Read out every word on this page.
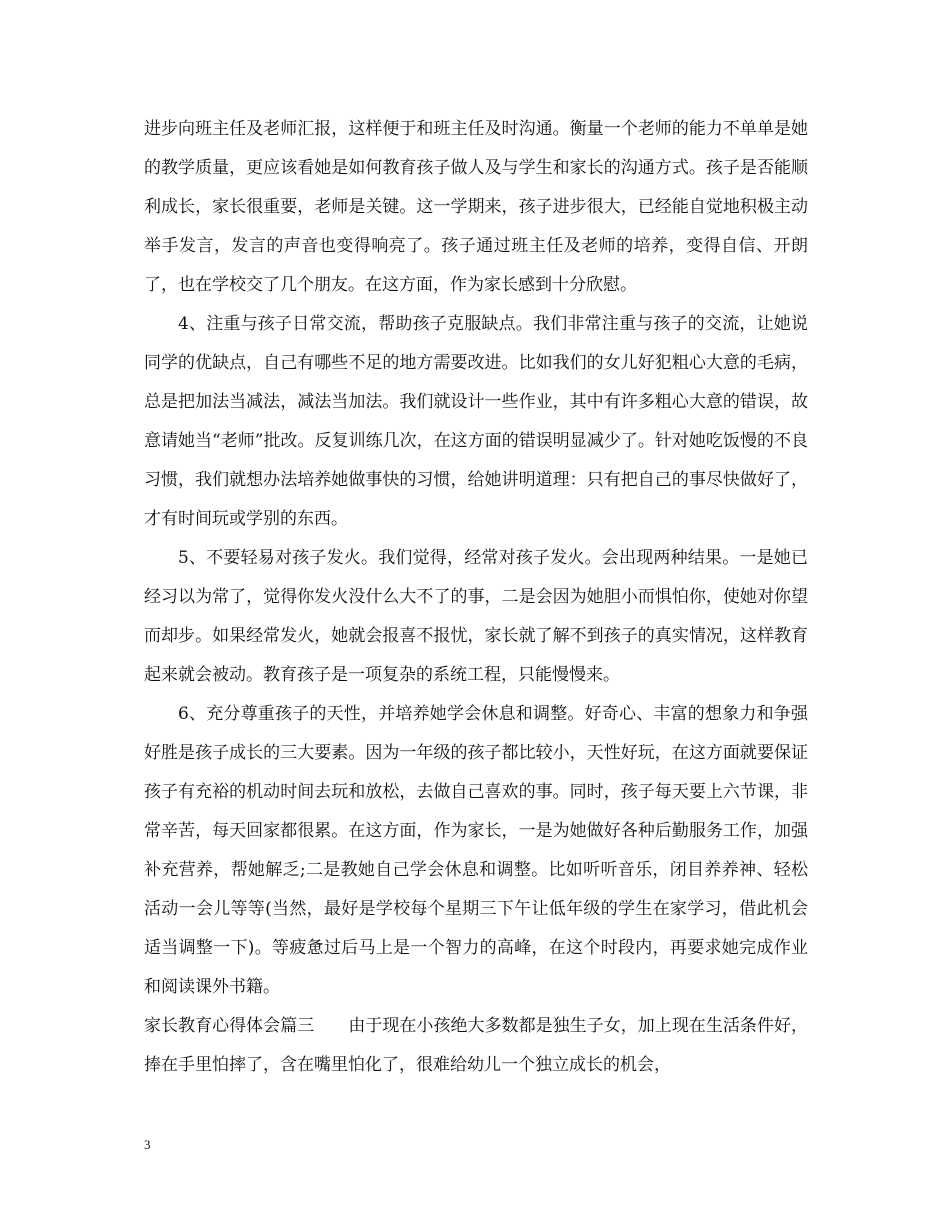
进步向班主任及老师汇报，这样便于和班主任及时沟通。衡量一个老师的能力不单单是她的教学质量，更应该看她是如何教育孩子做人及与学生和家长的沟通方式。孩子是否能顺利成长，家长很重要，老师是关键。这一学期来，孩子进步很大，已经能自觉地积极主动举手发言，发言的声音也变得响亮了。孩子通过班主任及老师的培养，变得自信、开朗了，也在学校交了几个朋友。在这方面，作为家长感到十分欣慰。

4、注重与孩子日常交流，帮助孩子克服缺点。我们非常注重与孩子的交流，让她说同学的优缺点，自己有哪些不足的地方需要改进。比如我们的女儿好犯粗心大意的毛病，总是把加法当减法，减法当加法。我们就设计一些作业，其中有许多粗心大意的错误，故意请她当“老师”批改。反复训练几次，在这方面的错误明显减少了。针对她吃饭慢的不良习惯，我们就想办法培养她做事快的习惯，给她讲明道理：只有把自己的事尽快做好了，才有时间玩或学别的东西。

5、不要轻易对孩子发火。我们觉得，经常对孩子发火。会出现两种结果。一是她已经习以为常了，觉得你发火没什么大不了的事，二是会因为她胆小而惧怕你，使她对你望而却步。如果经常发火，她就会报喜不报忧，家长就了解不到孩子的真实情况，这样教育起来就会被动。教育孩子是一项复杂的系统工程，只能慢慢来。

6、充分尊重孩子的天性，并培养她学会休息和调整。好奇心、丰富的想象力和争强好胜是孩子成长的三大要素。因为一年级的孩子都比较小，天性好玩，在这方面就要保证孩子有充裕的机动时间去玩和放松，去做自己喜欢的事。同时，孩子每天要上六节课，非常辛苦，每天回家都很累。在这方面，作为家长，一是为她做好各种后勤服务工作，加强补充营养，帮她解乏;二是教她自己学会休息和调整。比如听听音乐，闭目养养神、轻松活动一会儿等等(当然，最好是学校每个星期三下午让低年级的学生在家学习，借此机会适当调整一下)。等疲惫过后马上是一个智力的高峰，在这个时段内，再要求她完成作业和阅读课外书籍。

家长教育心得体会篇三　　由于现在小孩绝大多数都是独生子女，加上现在生活条件好，捧在手里怕摔了，含在嘴里怕化了，很难给幼儿一个独立成长的机会，

3
